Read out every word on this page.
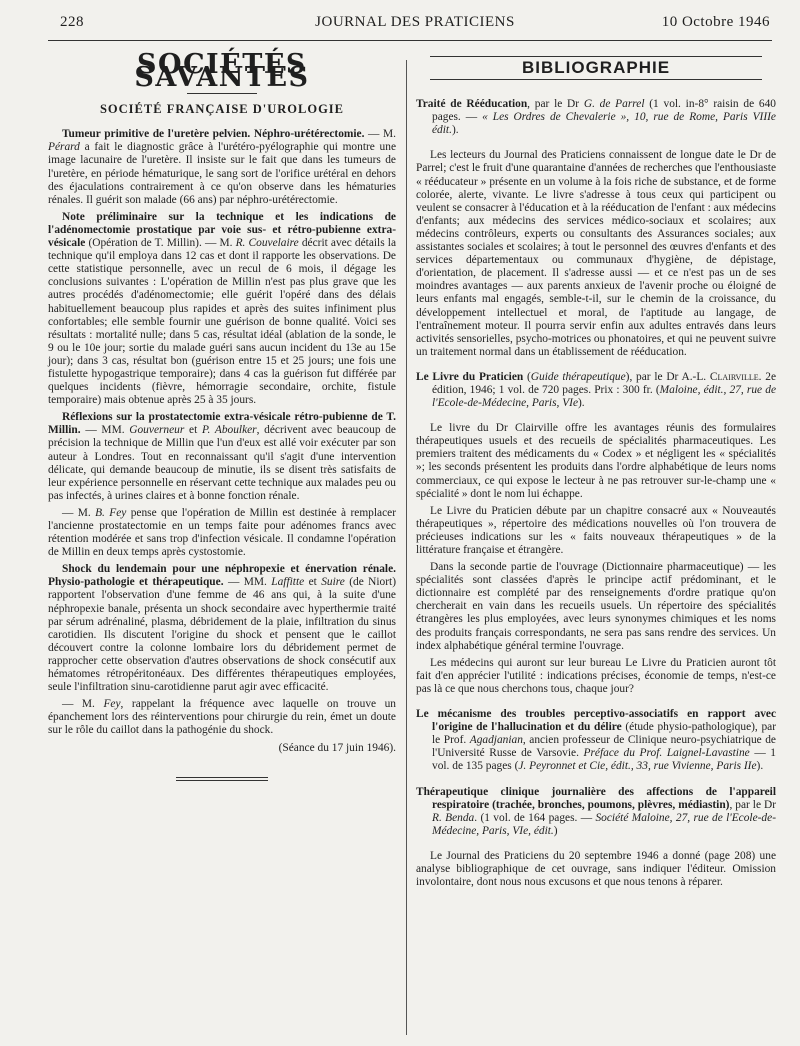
228	JOURNAL DES PRATICIENS	10 Octobre 1946
SOCIÉTÉS SAVANTES
SOCIÉTÉ FRANÇAISE D'UROLOGIE

Tumeur primitive de l'uretère pelvien. Néphro-urétérectomie. — M. Pérard a fait le diagnostic grâce à l'urétéro-pyélographie qui montre une image lacunaire de l'uretère. Il insiste sur le fait que dans les tumeurs de l'uretère, en période hématurique, le sang sort de l'orifice urétéral en dehors des éjaculations contrairement à ce qu'on observe dans les hématuries rénales. Il guérit son malade (66 ans) par néphro-urétérectomie.

Note préliminaire sur la technique et les indications de l'adénomectomie prostatique par voie sus- et rétro-pubienne extra-vésicale (Opération de T. Millin). — M. R. Couvelaire décrit avec détails la technique qu'il employa dans 12 cas et dont il rapporte les observations. De cette statistique personnelle, avec un recul de 6 mois, il dégage les conclusions suivantes : L'opération de Millin n'est pas plus grave que les autres procédés d'adénomectomie; elle guérit l'opéré dans des délais habituellement beaucoup plus rapides et après des suites infiniment plus confortables; elle semble fournir une guérison de bonne qualité. Voici ses résultats : mortalité nulle; dans 5 cas, résultat idéal (ablation de la sonde, le 9 ou le 10e jour; sortie du malade guéri sans aucun incident du 13e au 15e jour); dans 3 cas, résultat bon (guérison entre 15 et 25 jours; une fois une fistulette hypogastrique temporaire); dans 4 cas la guérison fut différée par quelques incidents (fièvre, hémorragie secondaire, orchite, fistule temporaire) mais obtenue après 25 à 35 jours.

Réflexions sur la prostatectomie extra-vésicale rétro-pubienne de T. Millin. — MM. Gouverneur et P. Aboulker, décrivent avec beaucoup de précision la technique de Millin que l'un d'eux est allé voir exécuter par son auteur à Londres. Tout en reconnaissant qu'il s'agit d'une intervention délicate, qui demande beaucoup de minutie, ils se disent très satisfaits de leur expérience personnelle en réservant cette technique aux malades peu ou pas infectés, à urines claires et à bonne fonction rénale.

— M. B. Fey pense que l'opération de Millin est destinée à remplacer l'ancienne prostatectomie en un temps faite pour adénomes francs avec rétention modérée et sans trop d'infection vésicale. Il condamne l'opération de Millin en deux temps après cystostomie.

Shock du lendemain pour une néphropexie et énervation rénale. Physio-pathologie et thérapeutique. — MM. Laffitte et Suire (de Niort) rapportent l'observation d'une femme de 46 ans qui, à la suite d'une néphropexie banale, présenta un shock secondaire avec hyperthermie traité par sérum adrénaliné, plasma, débridement de la plaie, infiltration du sinus carotidien. Ils discutent l'origine du shock et pensent que le caillot découvert contre la colonne lombaire lors du débridement permet de rapprocher cette observation d'autres observations de shock consécutif aux hématomes rétropéritonéaux. Des différentes thérapeutiques employées, seule l'infiltration sinu-carotidienne parut agir avec efficacité.

— M. Fey, rappelant la fréquence avec laquelle on trouve un épanchement lors des réinterventions pour chirurgie du rein, émet un doute sur le rôle du caillot dans la pathogénie du shock.

(Séance du 17 juin 1946).

BIBLIOGRAPHIE

Traité de Rééducation, par le Dr G. de Parrel (1 vol. in-8° raisin de 640 pages. — « Les Ordres de Chevalerie », 10, rue de Rome, Paris VIIIe édit.).

Les lecteurs du Journal des Praticiens connaissent de longue date le Dr de Parrel; c'est le fruit d'une quarantaine d'années de recherches que l'enthousiaste « rééducateur » présente en un volume à la fois riche de substance, et de forme colorée, alerte, vivante. Le livre s'adresse à tous ceux qui participent ou veulent se consacrer à l'éducation et à la rééducation de l'enfant : aux médecins d'enfants; aux médecins des services médico-sociaux et scolaires; aux médecins contrôleurs, experts ou consultants des Assurances sociales; aux assistantes sociales et scolaires; à tout le personnel des œuvres d'enfants et des services départementaux ou communaux d'hygiène, de dépistage, d'orientation, de placement. Il s'adresse aussi — et ce n'est pas un de ses moindres avantages — aux parents anxieux de l'avenir proche ou éloigné de leurs enfants mal engagés, semble-t-il, sur le chemin de la croissance, du développement intellectuel et moral, de l'aptitude au langage, de l'entraînement moteur. Il pourra servir enfin aux adultes entravés dans leurs activités sensorielles, psycho-motrices ou phonatoires, et qui ne peuvent suivre un traitement normal dans un établissement de rééducation.

Le Livre du Praticien (Guide thérapeutique), par le Dr A.-L. Clairville. 2e édition, 1946; 1 vol. de 720 pages. Prix : 300 fr. (Maloine, édit., 27, rue de l'Ecole-de-Médecine, Paris, VIe).

Le livre du Dr Clairville offre les avantages réunis des formulaires thérapeutiques usuels et des recueils de spécialités pharmaceutiques. Les premiers traitent des médicaments du « Codex » et négligent les « spécialités »; les seconds présentent les produits dans l'ordre alphabétique de leurs noms commerciaux, ce qui expose le lecteur à ne pas retrouver sur-le-champ une « spécialité » dont le nom lui échappe.

Le Livre du Praticien débute par un chapitre consacré aux « Nouveautés thérapeutiques », répertoire des médications nouvelles où l'on trouvera de précieuses indications sur les « faits nouveaux thérapeutiques » de la littérature française et étrangère.

Dans la seconde partie de l'ouvrage (Dictionnaire pharmaceutique) — les spécialités sont classées d'après le principe actif prédominant, et le dictionnaire est complété par des renseignements d'ordre pratique qu'on chercherait en vain dans les recueils usuels. Un répertoire des spécialités étrangères les plus employées, avec leurs synonymes chimiques et les noms des produits français correspondants, ne sera pas sans rendre des services. Un index alphabétique général termine l'ouvrage.

Les médecins qui auront sur leur bureau Le Livre du Praticien auront tôt fait d'en apprécier l'utilité : indications précises, économie de temps, n'est-ce pas là ce que nous cherchons tous, chaque jour?

Le mécanisme des troubles perceptivo-associatifs en rapport avec l'origine de l'hallucination et du délire (étude physio-pathologique), par le Prof. Agadjanian, ancien professeur de Clinique neuro-psychiatrique de l'Université Russe de Varsovie. Préface du Prof. Laignel-Lavastine — 1 vol. de 135 pages (J. Peyronnet et Cie, édit., 33, rue Vivienne, Paris IIe).

Thérapeutique clinique journalière des affections de l'appareil respiratoire (trachée, bronches, poumons, plèvres, médiastin), par le Dr R. Benda. (1 vol. de 164 pages. — Société Maloine, 27, rue de l'Ecole-de-Médecine, Paris, VIe, édit.)

Le Journal des Praticiens du 20 septembre 1946 a donné (page 208) une analyse bibliographique de cet ouvrage, sans indiquer l'éditeur. Omission involontaire, dont nous nous excusons et que nous tenons à réparer.
